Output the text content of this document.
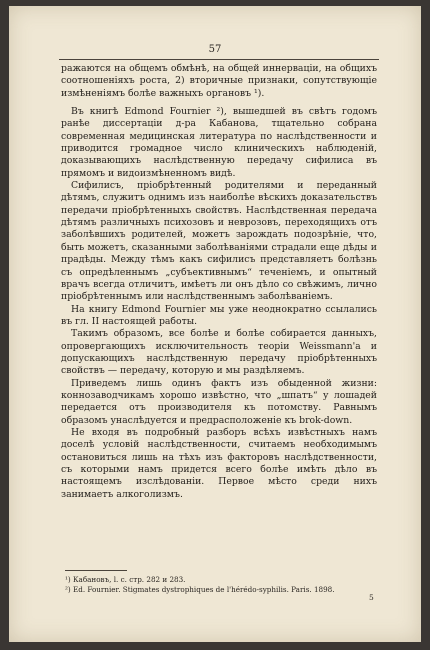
57

ражаются на общемъ обмѣнѣ, на общей иннерваціи, на общихъ соотношеніяхъ роста, 2) вторичные признаки, сопутствующіе измѣненіямъ болѣе важныхъ органовъ ¹).

Въ книгѣ Edmond Fournier ²), вышедшей въ свѣтъ годомъ ранѣе диссертаціи д-ра Кабанова, тщательно собрана современная медицинская литература по наслѣдственности и приводится громадное число клиническихъ наблюденій, доказывающихъ наслѣдственную передачу сифилиса въ прямомъ и видоизмѣненномъ видѣ.

Сифилисъ, пріобрѣтенный родителями и переданный дѣтямъ, служитъ однимъ изъ наиболѣе вѣскихъ доказательствъ передачи пріобрѣтенныхъ свойствъ. Наслѣдственная передача дѣтямъ различныхъ психозовъ и неврозовъ, переходящихъ отъ заболѣвшихъ родителей, можетъ зарождать подозрѣніе, что, быть можетъ, сказанными заболѣваніями страдали еще дѣды и прадѣды. Между тѣмъ какъ сифилисъ представляетъ болѣзнь съ опредѣленнымъ „субъективнымъ“ теченіемъ, и опытный врачъ всегда отличитъ, имѣетъ ли онъ дѣло со свѣжимъ, лично пріобрѣтеннымъ или наслѣдственнымъ заболѣваніемъ.

На книгу Edmond Fournier мы уже неоднократно ссылались въ гл. II настоящей работы.

Такимъ образомъ, все болѣе и болѣе собирается данныхъ, опровергающихъ исключительность теоріи Weissmann'а и допускающихъ наслѣдственную передачу пріобрѣтенныхъ свойствъ — передачу, которую и мы раздѣляемъ.

Приведемъ лишь одинъ фактъ изъ обыденной жизни: коннозаводчикамъ хорошо извѣстно, что „шпатъ“ у лошадей передается отъ производителя къ потомству. Равнымъ образомъ унаслѣдуется и предрасположеніе къ brok-down.

Не входя въ подробный разборъ всѣхъ извѣстныхъ намъ доселѣ условій наслѣдственности, считаемъ необходимымъ остановиться лишь на тѣхъ изъ факторовъ наслѣдственности, съ которыми намъ придется всего болѣе имѣть дѣло въ настоящемъ изслѣдованіи. Первое мѣсто среди нихъ занимаетъ алкоголизмъ.

¹) Кабановъ, l. c. стр. 282 и 283.
²) Ed. Fournier. Stigmates dystrophiques de l'hérédo-syphilis. Paris. 1898.
5
